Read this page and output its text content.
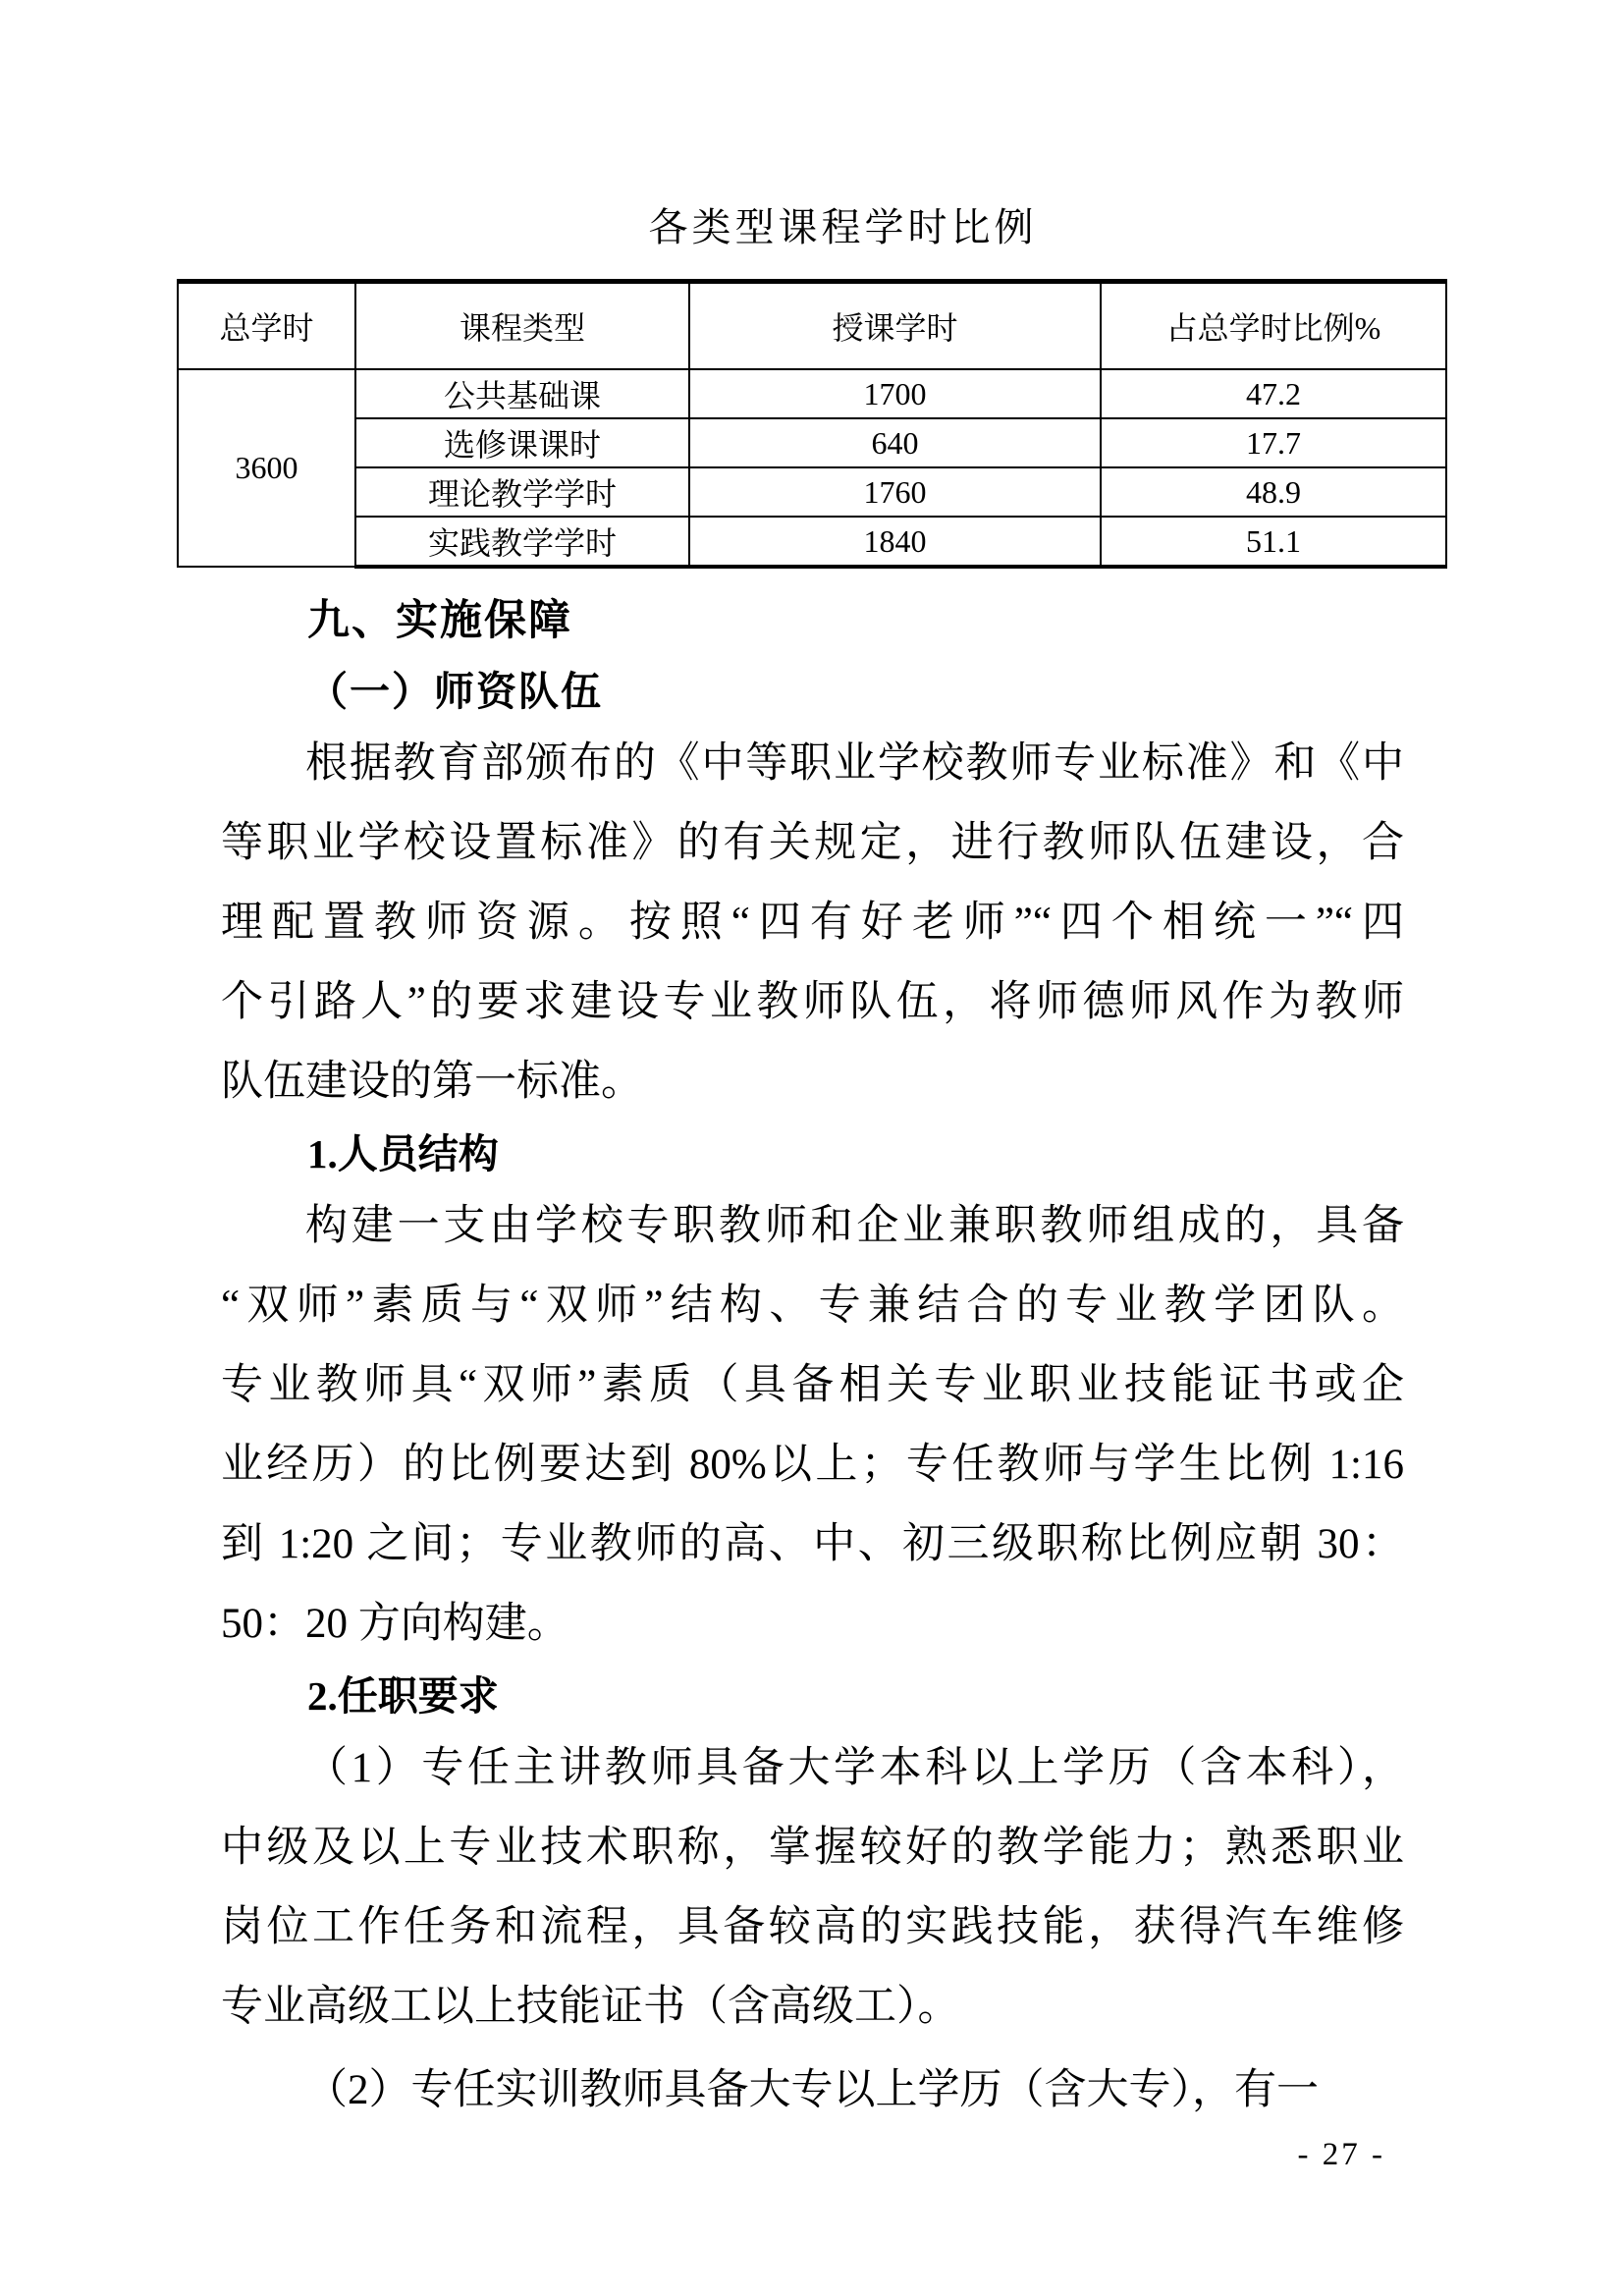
各类型课程学时比例
总学时	课程类型	授课学时	占总学时比例%
3600	公共基础课	1700	47.2
	选修课课时	640	17.7
	理论教学学时	1760	48.9
	实践教学学时	1840	51.1
九、实施保障
（一）师资队伍
根据教育部颁布的《中等职业学校教师专业标准》和《中
等职业学校设置标准》的有关规定，进行教师队伍建设，合
理配置教师资源。按照“四有好老师”“四个相统一”“四
个引路人”的要求建设专业教师队伍，将师德师风作为教师
队伍建设的第一标准。
1.人员结构
构建一支由学校专职教师和企业兼职教师组成的，具备
“双师”素质与“双师”结构、专兼结合的专业教学团队。
专业教师具“双师”素质（具备相关专业职业技能证书或企
业经历）的比例要达到 80%以上；专任教师与学生比例 1:16
到 1:20 之间；专业教师的高、中、初三级职称比例应朝 30：
50：20 方向构建。
2.任职要求
（1）专任主讲教师具备大学本科以上学历（含本科），
中级及以上专业技术职称，掌握较好的教学能力；熟悉职业
岗位工作任务和流程，具备较高的实践技能，获得汽车维修
专业高级工以上技能证书（含高级工）。
（2）专任实训教师具备大专以上学历（含大专），有一
- 27 -
